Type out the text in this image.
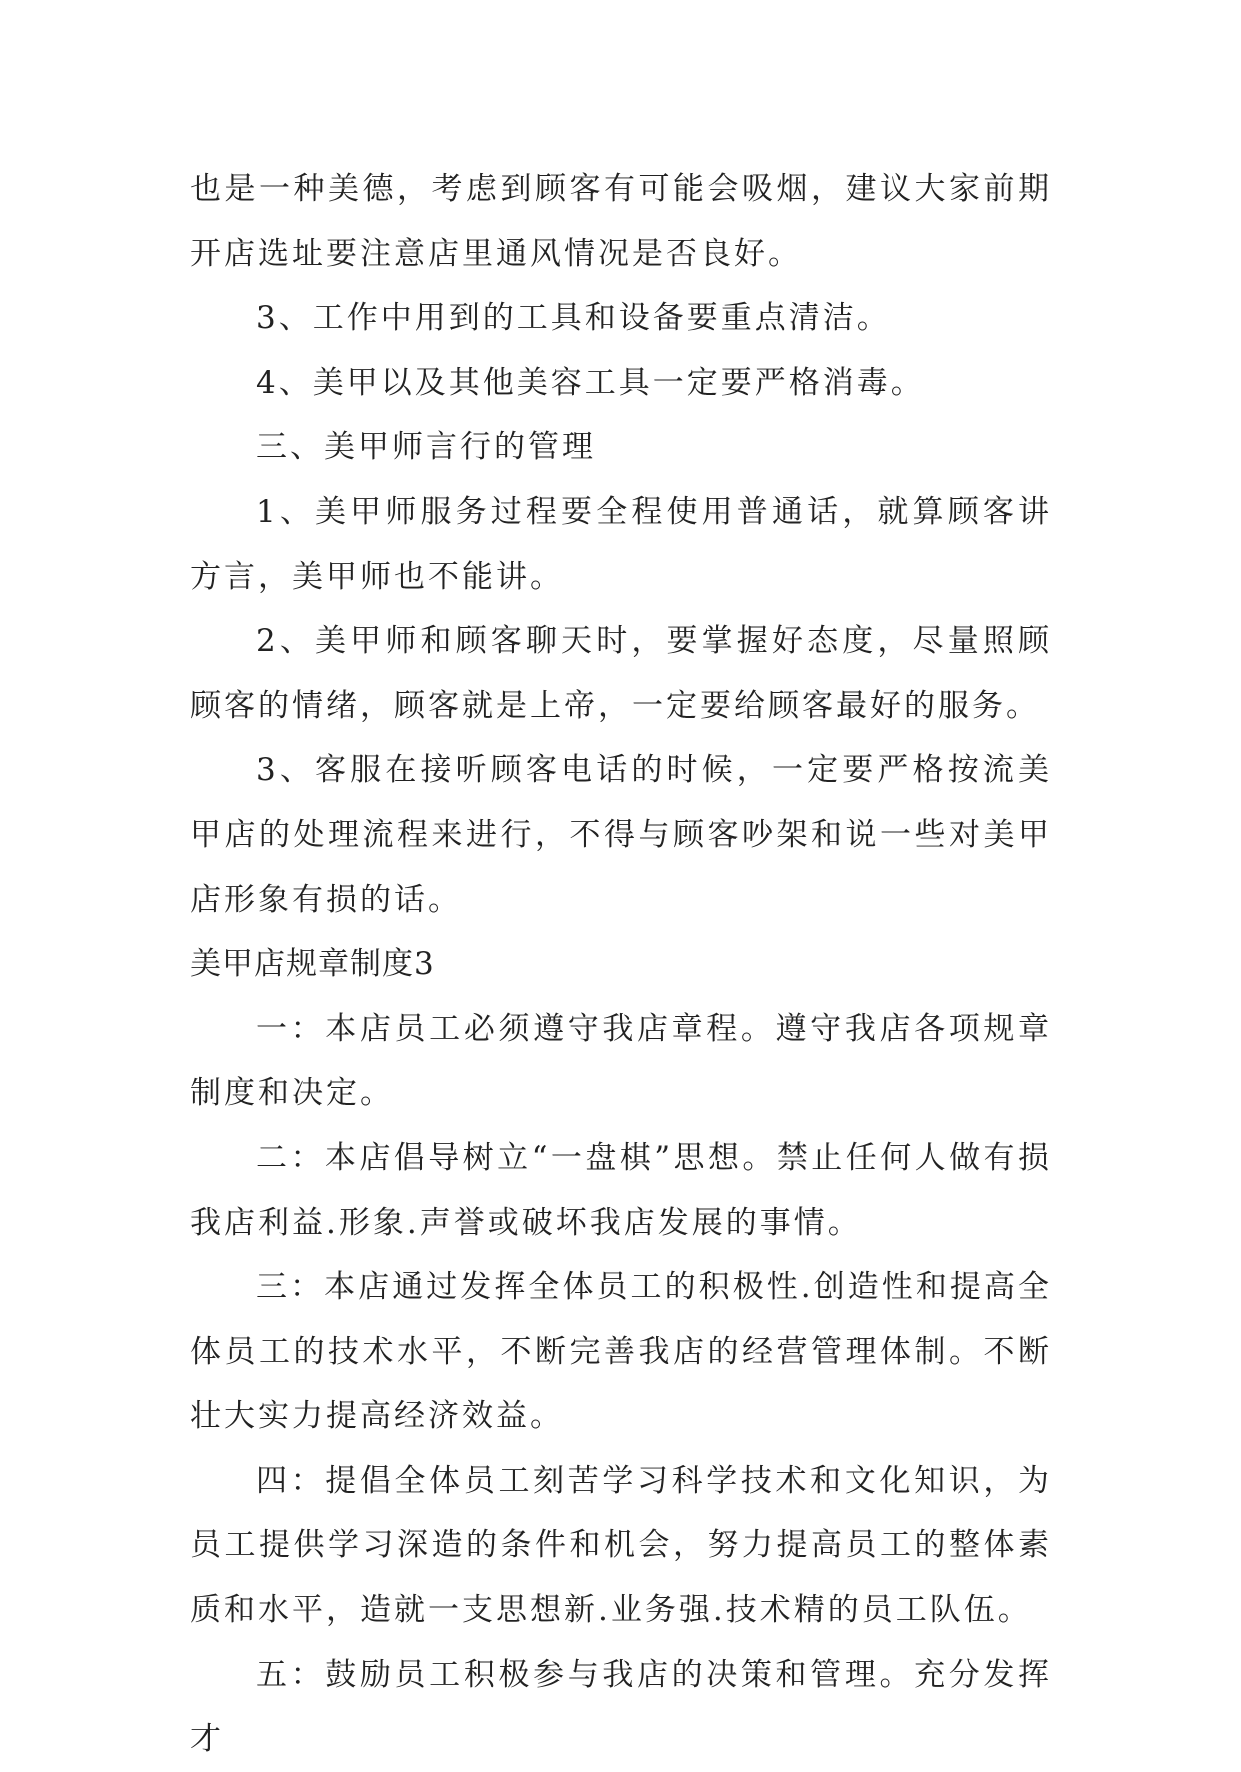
也是一种美德，考虑到顾客有可能会吸烟，建议大家前期开店选址要注意店里通风情况是否良好。

3、工作中用到的工具和设备要重点清洁。

4、美甲以及其他美容工具一定要严格消毒。

三、美甲师言行的管理

1、美甲师服务过程要全程使用普通话，就算顾客讲方言，美甲师也不能讲。

2、美甲师和顾客聊天时，要掌握好态度，尽量照顾顾客的情绪，顾客就是上帝，一定要给顾客最好的服务。

3、客服在接听顾客电话的时候，一定要严格按流美甲店的处理流程来进行，不得与顾客吵架和说一些对美甲店形象有损的话。

美甲店规章制度3

一：本店员工必须遵守我店章程。遵守我店各项规章制度和决定。

二：本店倡导树立“一盘棋”思想。禁止任何人做有损我店利益.形象.声誉或破坏我店发展的事情。

三：本店通过发挥全体员工的积极性.创造性和提高全体员工的技术水平，不断完善我店的经营管理体制。不断壮大实力提高经济效益。

四：提倡全体员工刻苦学习科学技术和文化知识，为员工提供学习深造的条件和机会，努力提高员工的整体素质和水平，造就一支思想新.业务强.技术精的员工队伍。

五：鼓励员工积极参与我店的决策和管理。充分发挥才
